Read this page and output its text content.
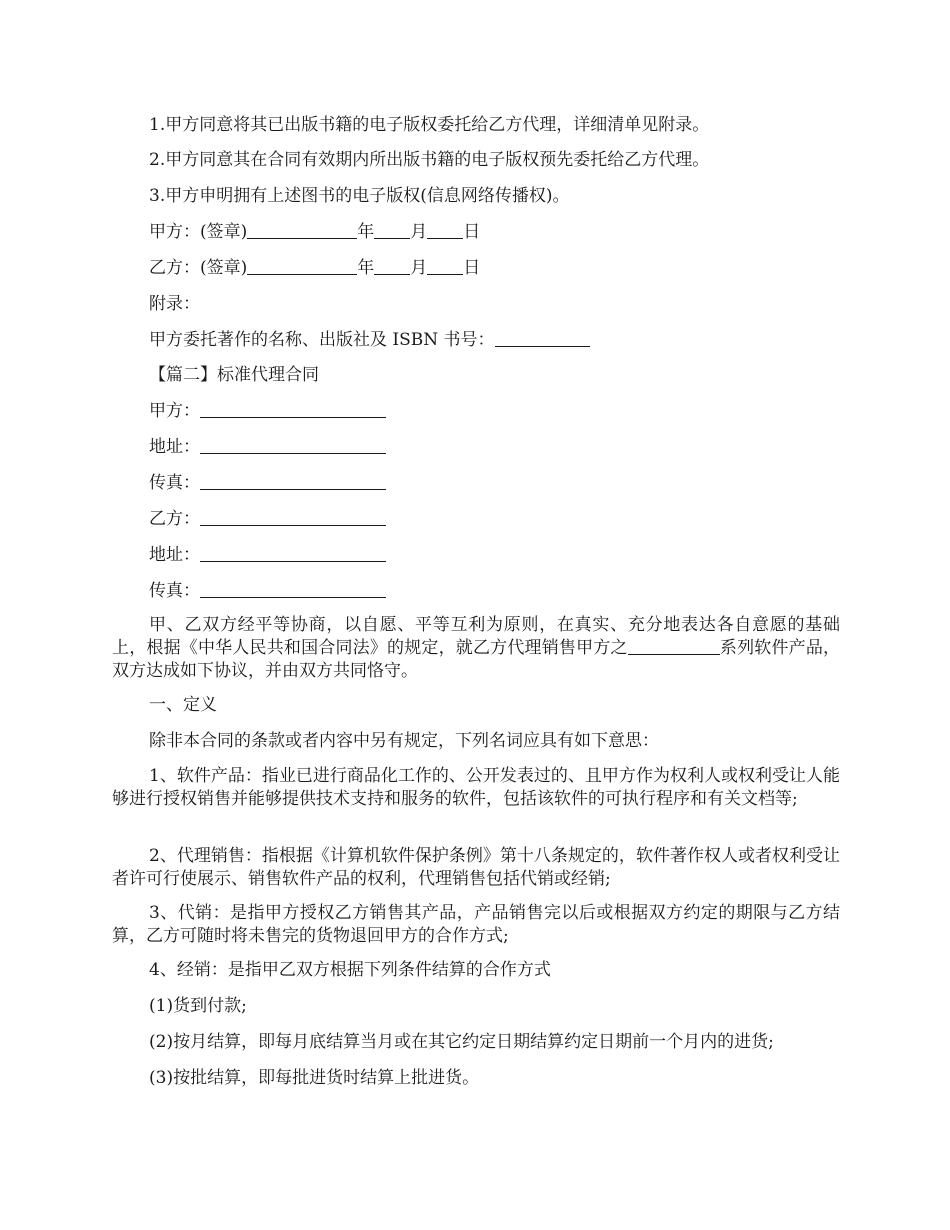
1.甲方同意将其已出版书籍的电子版权委托给乙方代理，详细清单见附录。
2.甲方同意其在合同有效期内所出版书籍的电子版权预先委托给乙方代理。
3.甲方申明拥有上述图书的电子版权(信息网络传播权)。
甲方：(签章)	年 月 日
乙方：(签章)	年 月 日
附录：
甲方委托著作的名称、出版社及 ISBN 书号：
【篇二】标准代理合同
甲方：
地址：
传真：
乙方：
地址：
传真：
甲、乙双方经平等协商，以自愿、平等互利为原则，在真实、充分地表达各自意愿的基础上，根据《中华人民共和国合同法》的规定，就乙方代理销售甲方之	系列软件产品，双方达成如下协议，并由双方共同恪守。
一、定义
除非本合同的条款或者内容中另有规定，下列名词应具有如下意思：
1、软件产品：指业已进行商品化工作的、公开发表过的、且甲方作为权利人或权利受让人能够进行授权销售并能够提供技术支持和服务的软件，包括该软件的可执行程序和有关文档等;
2、代理销售：指根据《计算机软件保护条例》第十八条规定的，软件著作权人或者权利受让者许可行使展示、销售软件产品的权利，代理销售包括代销或经销;
3、代销：是指甲方授权乙方销售其产品，产品销售完以后或根据双方约定的期限与乙方结算，乙方可随时将未售完的货物退回甲方的合作方式;
4、经销：是指甲乙双方根据下列条件结算的合作方式
(1)货到付款;
(2)按月结算，即每月底结算当月或在其它约定日期结算约定日期前一个月内的进货;
(3)按批结算，即每批进货时结算上批进货。
